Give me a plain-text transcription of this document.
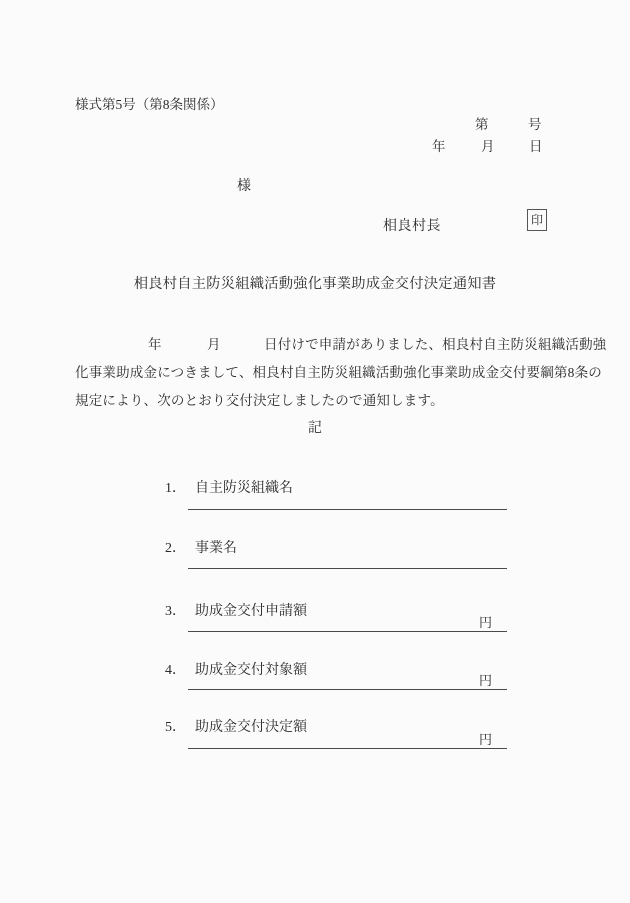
様式第5号（第8条関係）
第	号
年	月	日
様
相良村長	印
相良村自主防災組織活動強化事業助成金交付決定通知書
年	月	日付けで申請がありました、相良村自主防災組織活動強
化事業助成金につきまして、相良村自主防災組織活動強化事業助成金交付要綱第8条の
規定により、次のとおり交付決定しましたので通知します。
記
1． 自主防災組織名
2． 事業名
3． 助成金交付申請額
円
4． 助成金交付対象額
円
5． 助成金交付決定額
円
